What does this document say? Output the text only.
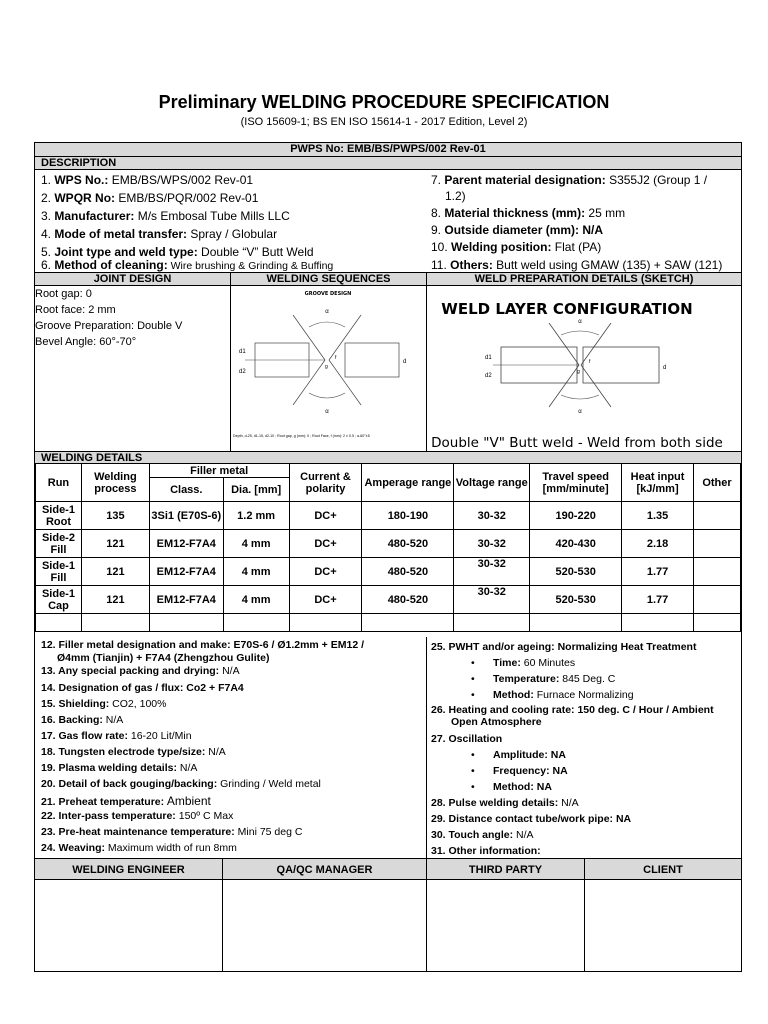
Preliminary WELDING PROCEDURE SPECIFICATION
(ISO 15609-1; BS EN ISO 15614-1 - 2017 Edition, Level 2)
PWPS No: EMB/BS/PWPS/002 Rev-01
DESCRIPTION
1. WPS No.: EMB/BS/WPS/002 Rev-01
2. WPQR No: EMB/BS/PQR/002 Rev-01
3. Manufacturer: M/s Embosal Tube Mills LLC
4. Mode of metal transfer: Spray / Globular
5. Joint type and weld type: Double “V” Butt Weld
6. Method of cleaning: Wire brushing & Grinding & Buffing
7. Parent material designation: S355J2 (Group 1 /
1.2)
8. Material thickness (mm): 25 mm
9. Outside diameter (mm): N/A
10. Welding position: Flat (PA)
11. Others: Butt weld using GMAW (135) + SAW (121)
JOINT DESIGN	WELDING SEQUENCES	WELD PREPARATION DETAILS (SKETCH)
Root gap: 0
Root face: 2 mm
Groove Preparation: Double V
Bevel Angle: 60°-70°
GROOVE DESIGN
α
α
d1
d2
d
f
g
Depth, d-25, d1-15, d2-10 ; Root gap, g (mm): 0 ; Root Face, f (mm): 2 ± 0.5 ; α-60°±5
WELD LAYER CONFIGURATION
α
α
d1
d2
d
f
g
Double "V" Butt weld - Weld from both side
WELDING DETAILS
Run	Welding process	Filler metal		Current & polarity	Amperage range	Voltage range	Travel speed [mm/minute]	Heat input [kJ/mm]	Other
		Class.	Dia. [mm]						
Side-1 Root	135	3Si1 (E70S-6)	1.2 mm	DC+	180-190	30-32	190-220	1.35	
Side-2 Fill	121	EM12-F7A4	4 mm	DC+	480-520	30-32	420-430	2.18	
Side-1 Fill	121	EM12-F7A4	4 mm	DC+	480-520	30-32	520-530	1.77	
Side-1 Cap	121	EM12-F7A4	4 mm	DC+	480-520	30-32	520-530	1.77	

12. Filler metal designation and make: E70S-6 / Ø1.2mm + EM12 /
Ø4mm (Tianjin) + F7A4 (Zhengzhou Gulite)
13. Any special packing and drying: N/A
14. Designation of gas / flux: Co2 + F7A4
15. Shielding: CO2, 100%
16. Backing: N/A
17. Gas flow rate: 16-20 Lit/Min
18. Tungsten electrode type/size: N/A
19. Plasma welding details: N/A
20. Detail of back gouging/backing: Grinding / Weld metal
21. Preheat temperature: Ambient
22. Inter-pass temperature: 150º C Max
23. Pre-heat maintenance temperature: Mini 75 deg C
24. Weaving: Maximum width of run 8mm
25. PWHT and/or ageing: Normalizing Heat Treatment
Time: 60 Minutes
Temperature: 845 Deg. C
Method: Furnace Normalizing
26. Heating and cooling rate: 150 deg. C / Hour / Ambient
Open Atmosphere
27. Oscillation
Amplitude: NA
Frequency: NA
Method: NA
28. Pulse welding details: N/A
29. Distance contact tube/work pipe: NA
30. Touch angle: N/A
31. Other information:
WELDING ENGINEER	QA/QC MANAGER	THIRD PARTY	CLIENT
